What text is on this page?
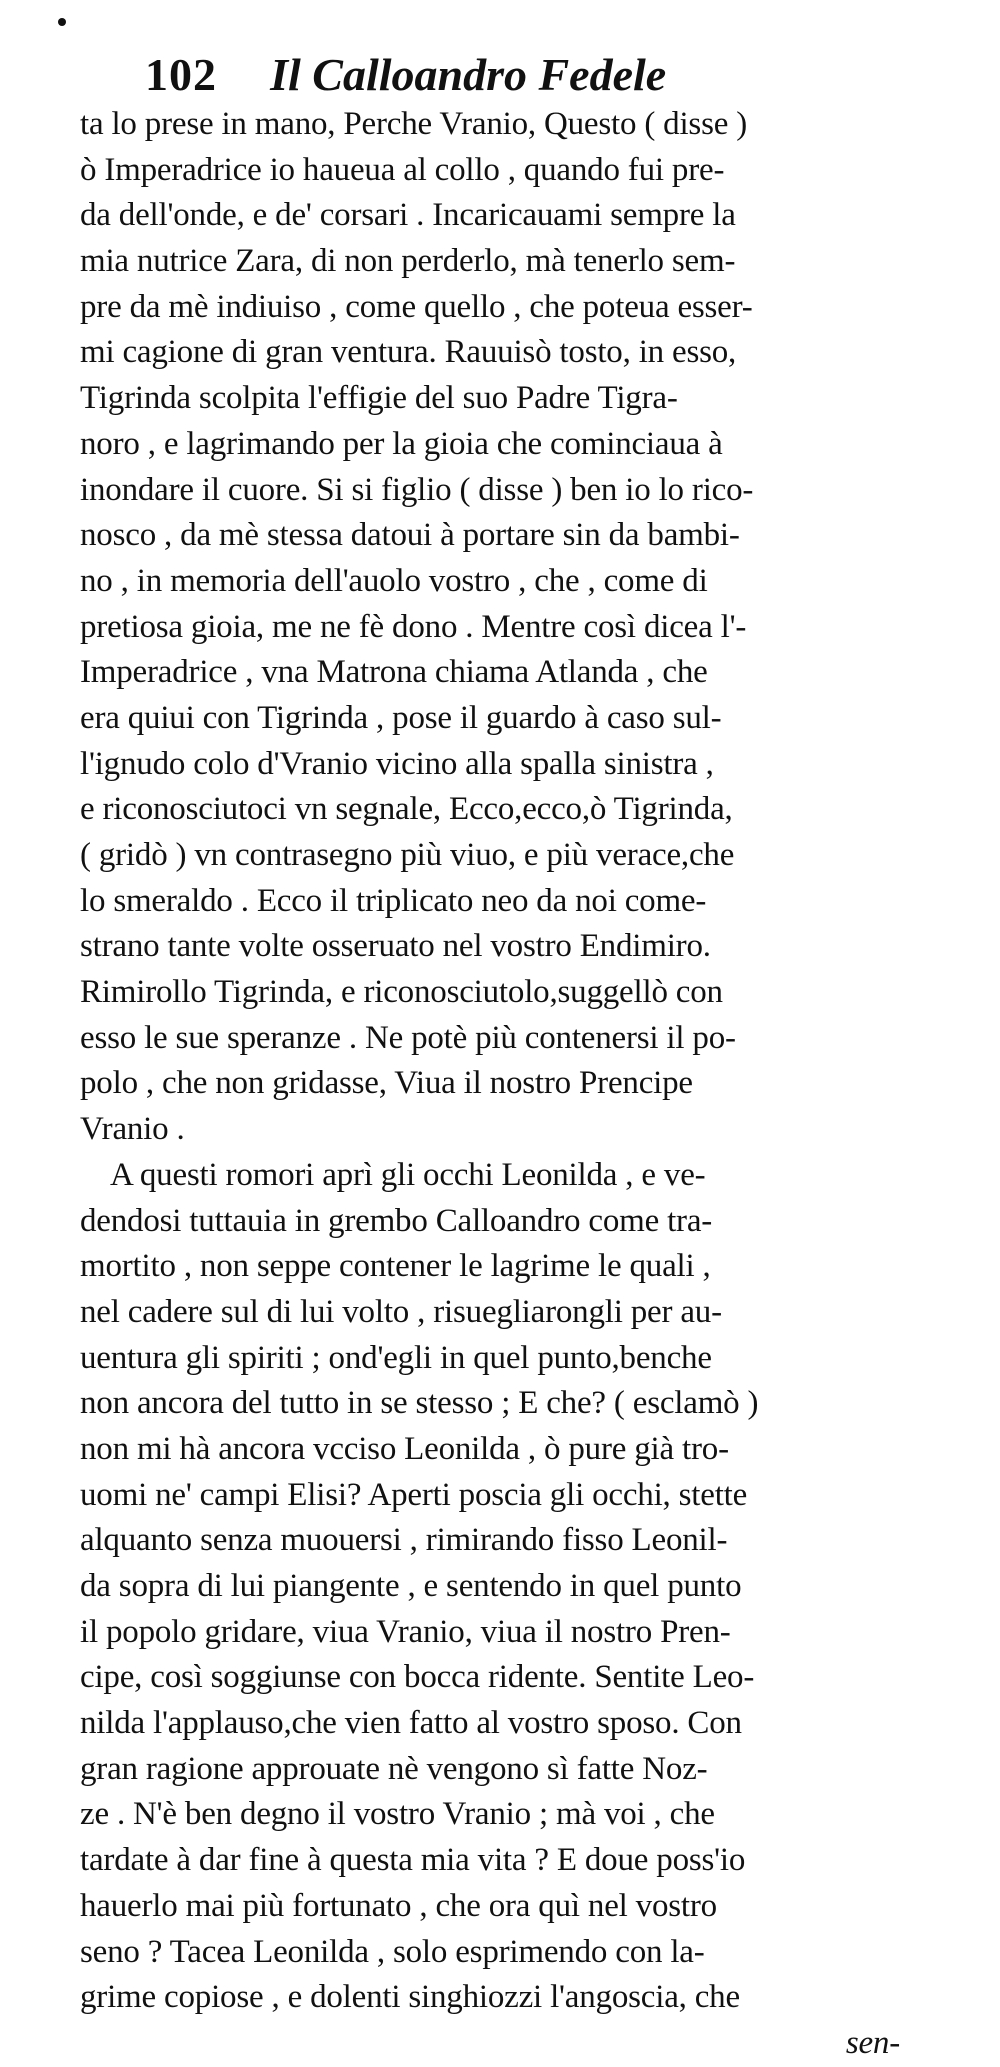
102 Il Calloandro Fedele
ta lo prese in mano, Perche Vranio, Questo ( disse )
ò Imperadrice io haueua al collo , quando fui pre-
da dell'onde, e de' corsari . Incaricauami sempre la
mia nutrice Zara, di non perderlo, mà tenerlo sem-
pre da mè indiuiso , come quello , che poteua esser-
mi cagione di gran ventura. Rauuisò tosto, in esso,
Tigrinda scolpita l'effigie del suo Padre Tigra-
noro , e lagrimando per la gioia che cominciaua à
inondare il cuore. Si si figlio ( disse ) ben io lo rico-
nosco , da mè stessa datoui à portare sin da bambi-
no , in memoria dell'auolo vostro , che , come di
pretiosa gioia, me ne fè dono . Mentre così dicea l'-
Imperadrice , vna Matrona chiama Atlanda , che
era quiui con Tigrinda , pose il guardo à caso sul-
l'ignudo colo d'Vranio vicino alla spalla sinistra ,
e riconosciutoci vn segnale, Ecco,ecco,ò Tigrinda,
( gridò ) vn contrasegno più viuo, e più verace,che
lo smeraldo . Ecco il triplicato neo da noi come-
strano tante volte osseruato nel vostro Endimiro.
Rimirollo Tigrinda, e riconosciutolo,suggellò con
esso le sue speranze . Ne potè più contenersi il po-
polo , che non gridasse, Viua il nostro Prencipe
Vranio .
A questi romori aprì gli occhi Leonilda , e ve-
dendosi tuttauia in grembo Calloandro come tra-
mortito , non seppe contener le lagrime le quali ,
nel cadere sul di lui volto , risuegliarongli per au-
uentura gli spiriti ; ond'egli in quel punto,benche
non ancora del tutto in se stesso ; E che? ( esclamò )
non mi hà ancora vcciso Leonilda , ò pure già tro-
uomi ne' campi Elisi? Aperti poscia gli occhi, stette
alquanto senza muouersi , rimirando fisso Leonil-
da sopra di lui piangente , e sentendo in quel punto
il popolo gridare, viua Vranio, viua il nostro Pren-
cipe, così soggiunse con bocca ridente. Sentite Leo-
nilda l'applauso,che vien fatto al vostro sposo. Con
gran ragione approuate nè vengono sì fatte Noz-
ze . N'è ben degno il vostro Vranio ; mà voi , che
tardate à dar fine à questa mia vita ? E doue poss'io
hauerlo mai più fortunato , che ora quì nel vostro
seno ? Tacea Leonilda , solo esprimendo con la-
grime copiose , e dolenti singhiozzi l'angoscia, che
sen-
